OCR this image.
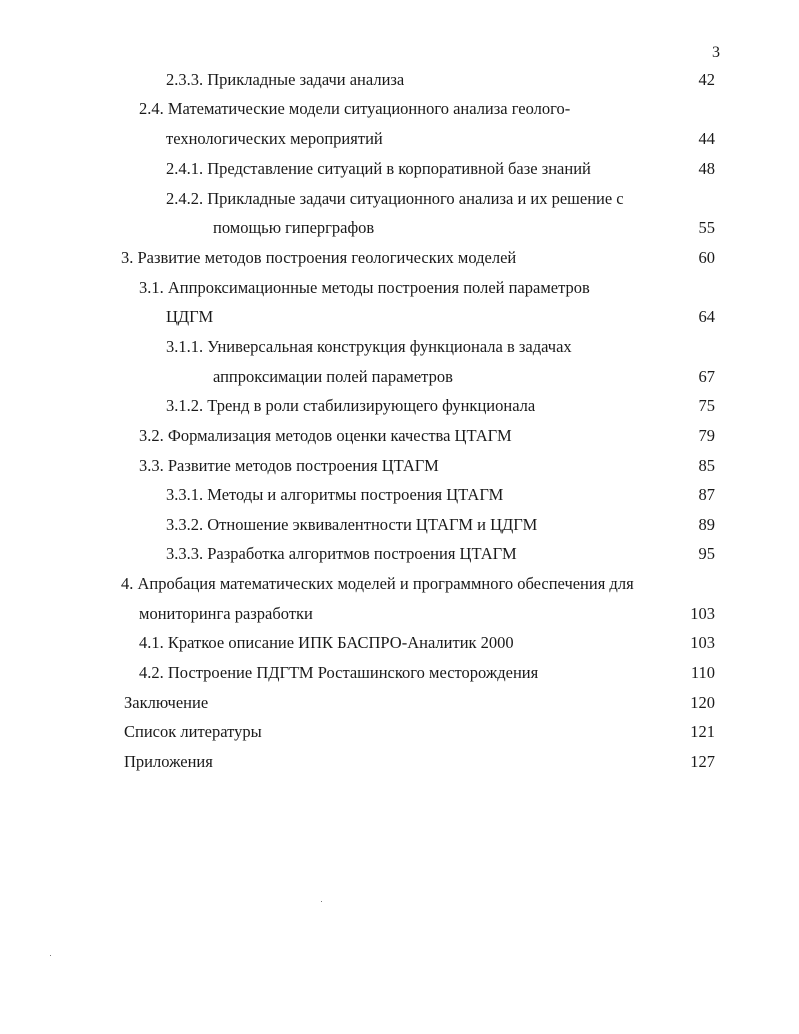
3
2.3.3. Прикладные задачи анализа	42
2.4. Математические модели ситуационного анализа геолого-
технологических мероприятий	44
2.4.1. Представление ситуаций в корпоративной базе знаний	48
2.4.2. Прикладные задачи ситуационного анализа и их решение с
помощью гиперграфов	55
3. Развитие методов построения геологических моделей	60
3.1. Аппроксимационные методы построения полей параметров
ЦДГМ	64
3.1.1. Универсальная конструкция функционала в задачах
аппроксимации полей параметров	67
3.1.2. Тренд в роли стабилизирующего функционала	75
3.2. Формализация методов оценки качества ЦТАГМ	79
3.3. Развитие методов построения ЦТАГМ	85
3.3.1. Методы и алгоритмы построения ЦТАГМ	87
3.3.2. Отношение эквивалентности ЦТАГМ и ЦДГМ	89
3.3.3. Разработка алгоритмов построения ЦТАГМ	95
4. Апробация математических моделей и программного обеспечения для
мониторинга разработки	103
4.1. Краткое описание ИПК БАСПРО-Аналитик 2000	103
4.2. Построение ПДГТМ Росташинского месторождения	110
Заключение	120
Список литературы	121
Приложения	127
